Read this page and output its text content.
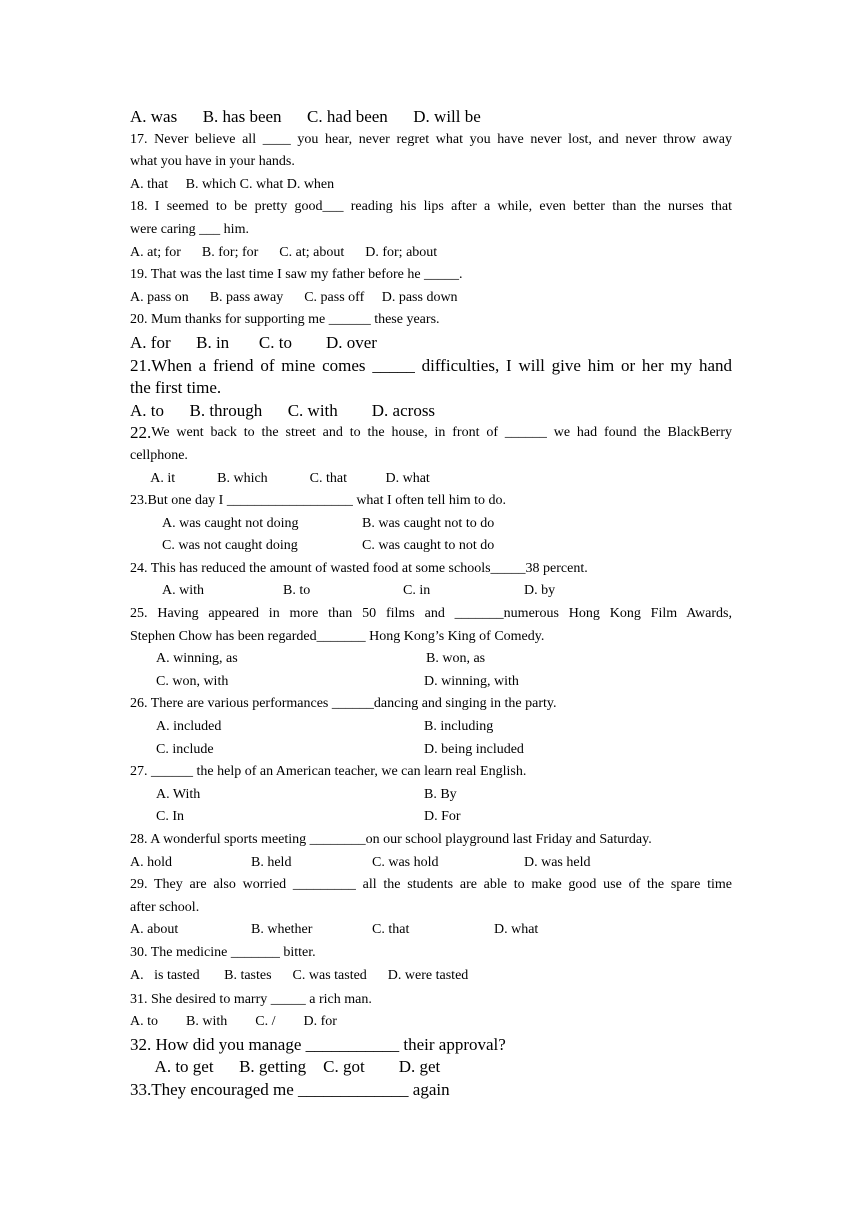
A. was      B. has been      C. had been      D. will be
17. Never believe all ____ you hear, never regret what you have never lost, and never throw away
what you have in your hands.
A. that     B. which C. what D. when
18. I seemed to be pretty good___ reading his lips after a while, even better than the nurses that
were caring ___ him.
A. at; for      B. for; for      C. at; about      D. for; about
19. That was the last time I saw my father before he _____.
A. pass on      B. pass away      C. pass off     D. pass down
20. Mum thanks for supporting me ______ these years.
A. for      B. in       C. to        D. over
21.When a friend of mine comes _____ difficulties, I will give him or her my hand
the first time.
A. to      B. through      C. with        D. across
22. We went back to the street and to the house, in front of ______ we had found the BlackBerry
cellphone.
A. it            B. which            C. that           D. what
23.But one day I __________________ what I often tell him to do.

A. was caught not doing

	B. was caught not to do

C. was not caught doing

	C. was caught to not do

24. This has reduced the amount of wasted food at some schools_____38 percent.

A. with

	B. to

	C. in

	D. by

25. Having appeared in more than 50 films and _______numerous Hong Kong Film Awards,
Stephen Chow has been regarded_______ Hong Kong’s King of Comedy.

A. winning, as

	B. won, as

C. won, with

	D. winning, with

26. There are various performances ______dancing and singing in the party.

A. included

	B. including

C. include

	D. being included

27. ______ the help of an American teacher, we can learn real English.

A. With

	B. By

C. In

	D. For

28. A wonderful sports meeting ________on our school playground last Friday and Saturday.

A. hold

	B. held

	C. was hold

	D. was held

29. They are also worried _________ all the students are able to make good use of the spare time
after school.

A. about

	B. whether

	C. that

	D. what

30. The medicine _______ bitter.
A.   is tasted       B. tastes      C. was tasted      D. were tasted
31. She desired to marry _____ a rich man.
A. to        B. with        C. /        D. for
32. How did you manage ___________ their approval?
A. to get      B. getting    C. got        D. get
33.They encouraged me _____________ again
